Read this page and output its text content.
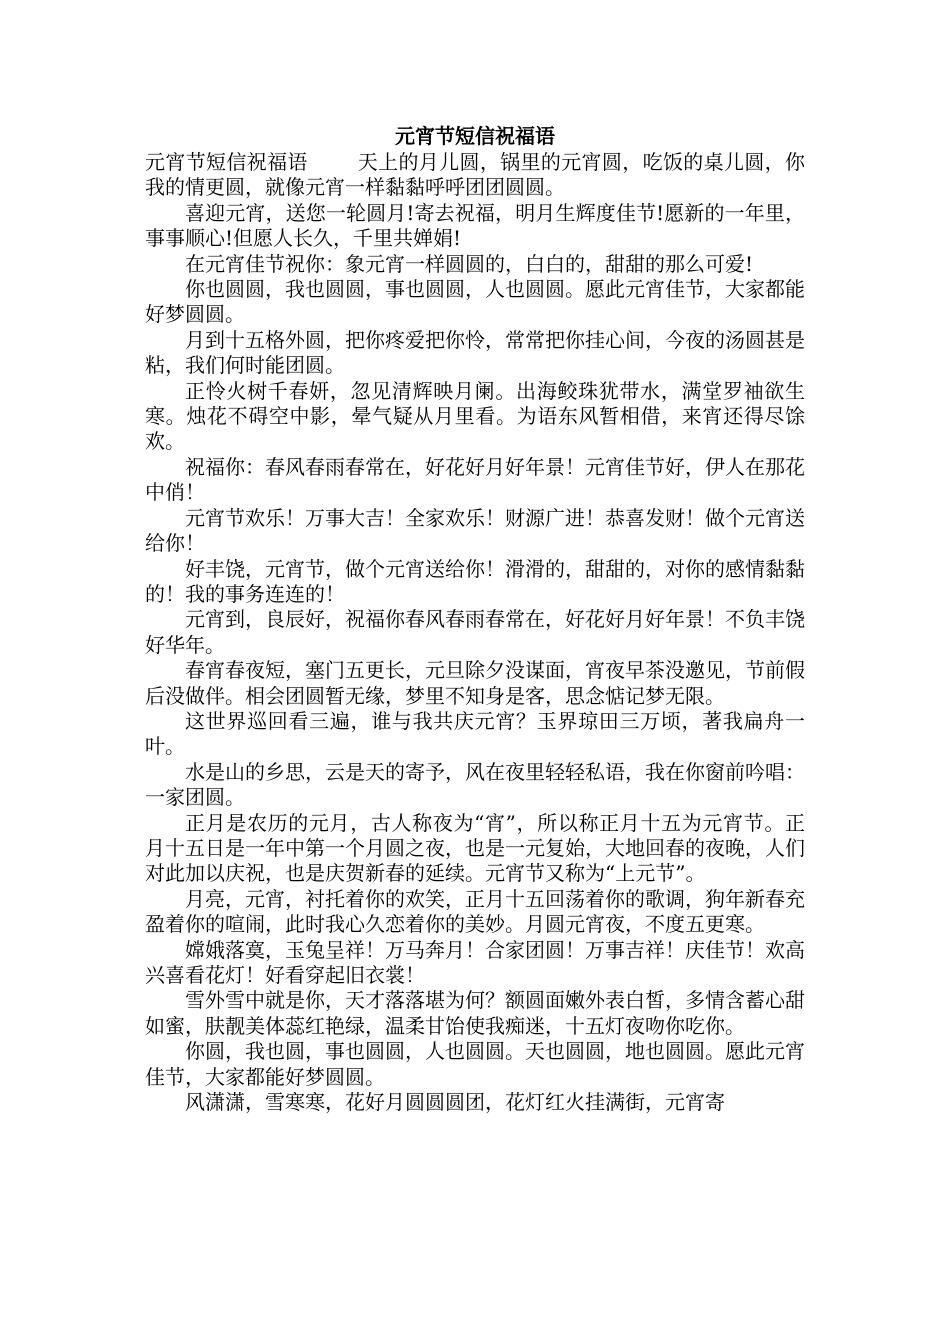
元宵节短信祝福语

元宵节短信祝福语	天上的月儿圆，锅里的元宵圆，吃饭的桌儿圆，你我的情更圆，就像元宵一样黏黏呼呼团团圆圆。

喜迎元宵，送您一轮圆月!寄去祝福，明月生辉度佳节!愿新的一年里，事事顺心!但愿人长久，千里共婵娟!

在元宵佳节祝你：象元宵一样圆圆的，白白的，甜甜的那么可爱!

你也圆圆，我也圆圆，事也圆圆，人也圆圆。愿此元宵佳节，大家都能好梦圆圆。

月到十五格外圆，把你疼爱把你怜，常常把你挂心间，今夜的汤圆甚是粘，我们何时能团圆。

正怜火树千春妍，忽见清辉映月阑。出海鲛珠犹带水，满堂罗袖欲生寒。烛花不碍空中影，晕气疑从月里看。为语东风暂相借，来宵还得尽馀欢。

祝福你：春风春雨春常在，好花好月好年景！元宵佳节好，伊人在那花中俏！

元宵节欢乐！万事大吉！全家欢乐！财源广进！恭喜发财！做个元宵送给你！

好丰饶，元宵节，做个元宵送给你！滑滑的，甜甜的，对你的感情黏黏的！我的事务连连的！

元宵到，良辰好，祝福你春风春雨春常在，好花好月好年景！不负丰饶好华年。

春宵春夜短，塞门五更长，元旦除夕没谋面，宵夜早茶没邀见，节前假后没做伴。相会团圆暂无缘，梦里不知身是客，思念惦记梦无限。

这世界巡回看三遍，谁与我共庆元宵？玉界琼田三万顷，著我扁舟一叶。

水是山的乡思，云是天的寄予，风在夜里轻轻私语，我在你窗前吟唱：一家团圆。

正月是农历的元月，古人称夜为“宵”，所以称正月十五为元宵节。正月十五日是一年中第一个月圆之夜，也是一元复始，大地回春的夜晚，人们对此加以庆祝，也是庆贺新春的延续。元宵节又称为“上元节”。

月亮，元宵，衬托着你的欢笑，正月十五回荡着你的歌调，狗年新春充盈着你的喧闹，此时我心久恋着你的美妙。月圆元宵夜，不度五更寒。

嫦娥落寞，玉兔呈祥！万马奔月！合家团圆！万事吉祥！庆佳节！欢高兴喜看花灯！好看穿起旧衣裳！

雪外雪中就是你，天才落落堪为何？额圆面嫩外表白皙，多情含蓄心甜如蜜，肤靓美体蕊红艳绿，温柔甘饴使我痴迷，十五灯夜吻你吃你。

你圆，我也圆，事也圆圆，人也圆圆。天也圆圆，地也圆圆。愿此元宵佳节，大家都能好梦圆圆。

风潇潇，雪寒寒，花好月圆圆圆团，花灯红火挂满街，元宵寄
